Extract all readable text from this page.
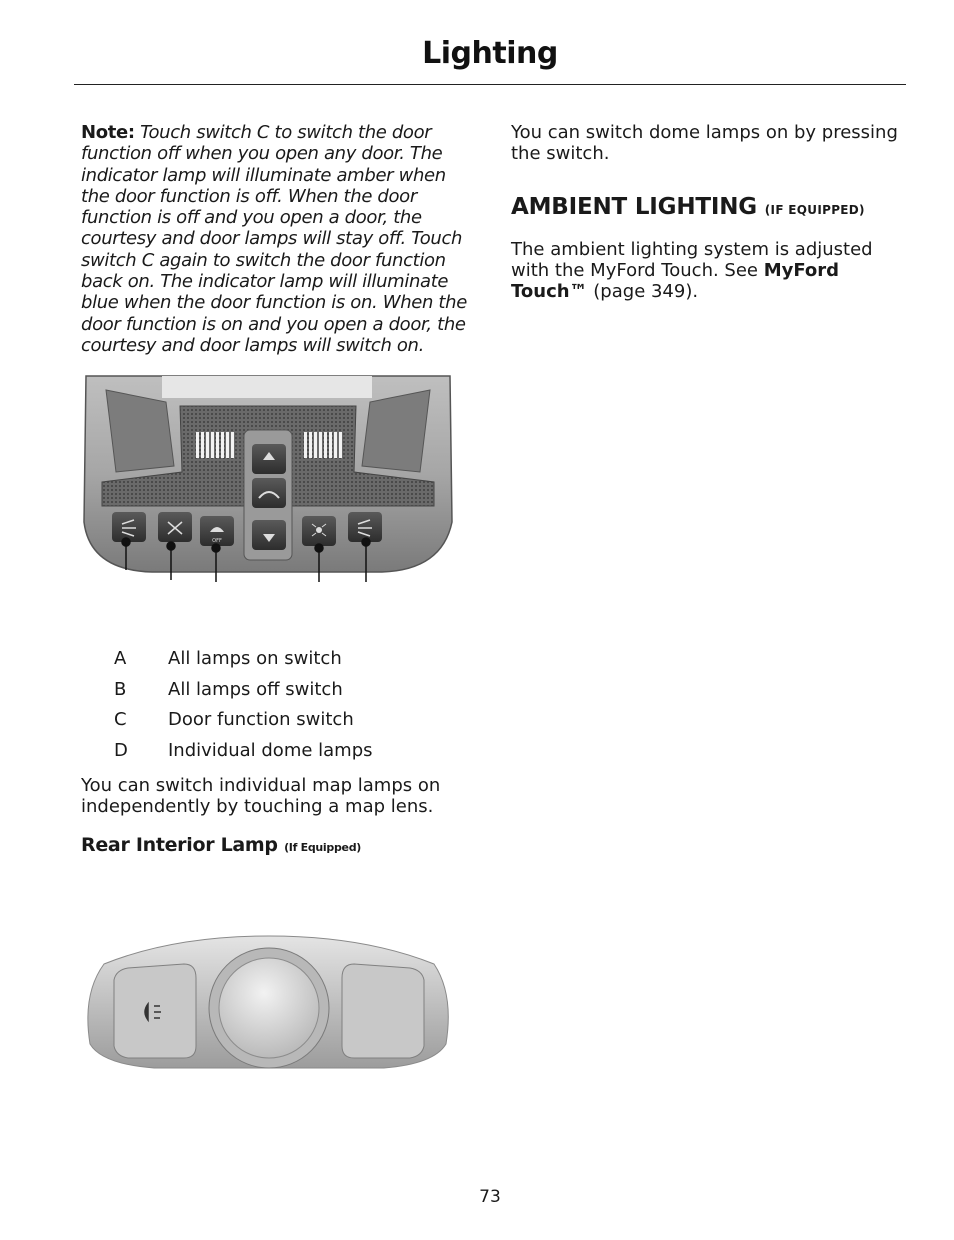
Lighting

Note: Touch switch C to switch the door function off when you open any door. The indicator lamp will illuminate amber when the door function is off. When the door function is off and you open a door, the courtesy and door lamps will stay off. Touch switch C again to switch the door function back on. The indicator lamp will illuminate blue when the door function is on. When the door function is on and you open a door, the courtesy and door lamps will switch on.

OFF
A	All lamps on switch
B	All lamps off switch
C	Door function switch
D	Individual dome lamps

You can switch individual map lamps on independently by touching a map lens.

Rear Interior Lamp (If Equipped)

You can switch dome lamps on by pressing the switch.

AMBIENT LIGHTING (IF EQUIPPED)

The ambient lighting system is adjusted with the MyFord Touch. See MyFord Touch™ (page 349).

73
